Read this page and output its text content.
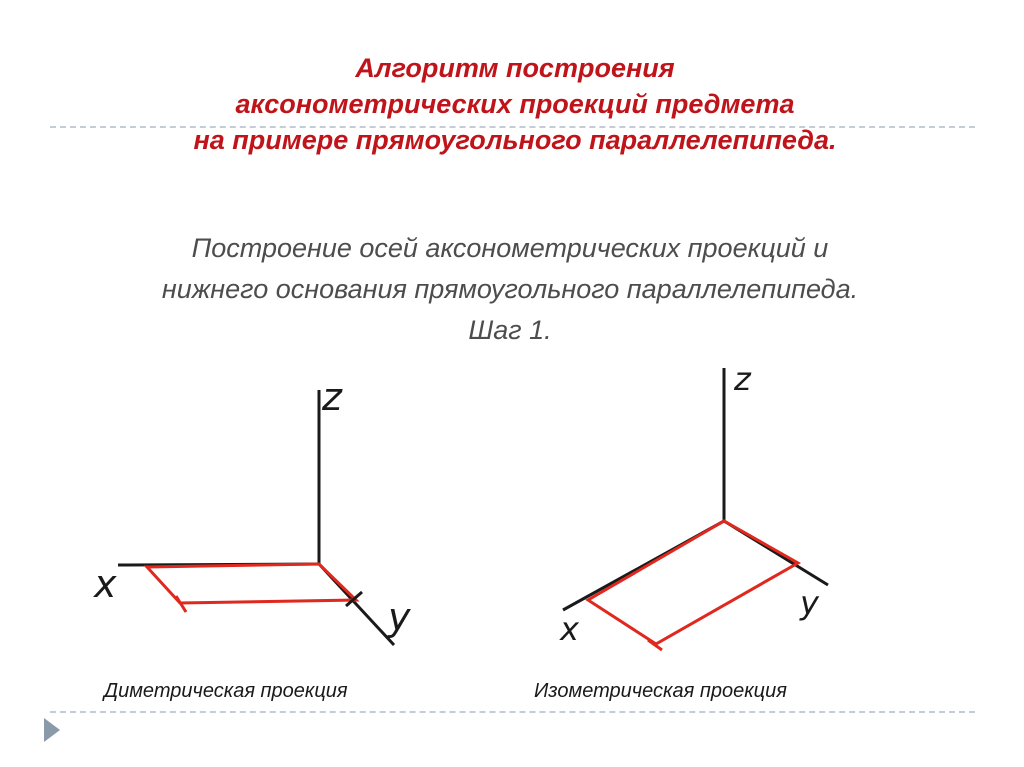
Алгоритм построения
аксонометрических проекций предмета
на примере прямоугольного параллелепипеда.
Построение осей аксонометрических проекций и
нижнего основания прямоугольного параллелепипеда.
Шаг 1.
z
x
y
z
x
y
Диметрическая проекция	Изометрическая проекция
